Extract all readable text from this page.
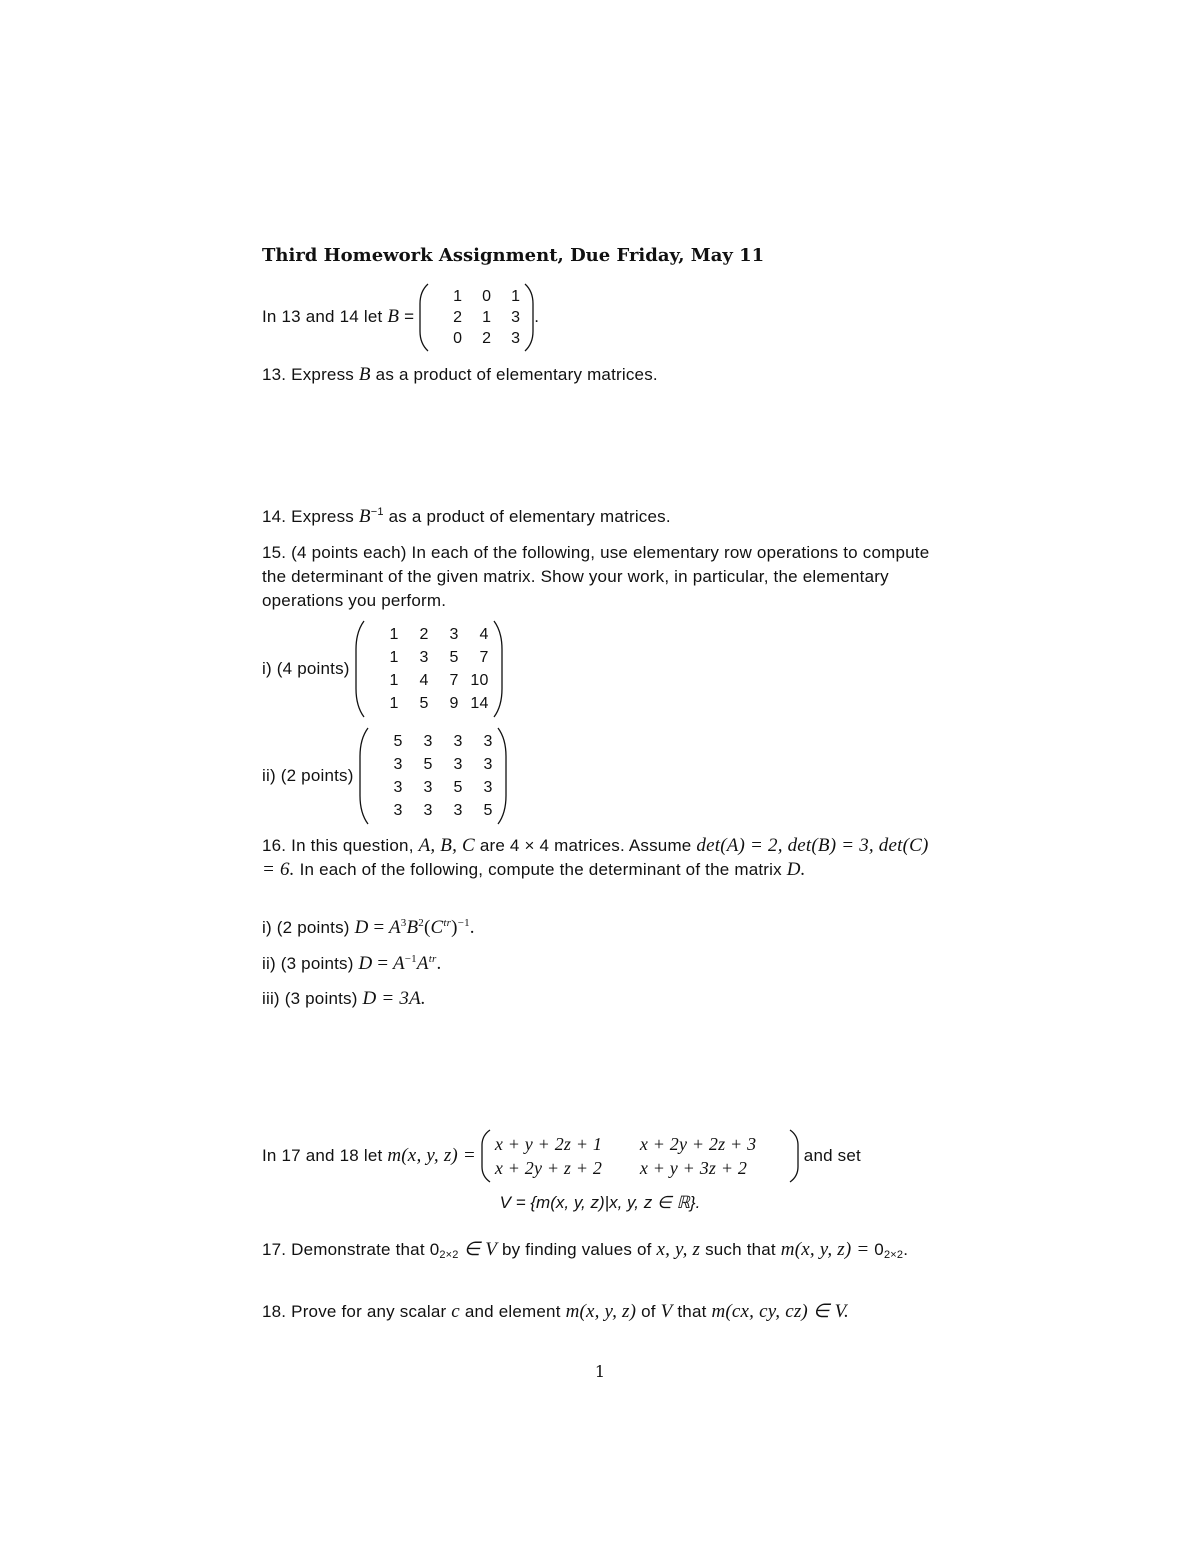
Third Homework Assignment, Due Friday, May 11
In 13 and 14 let
B
=

1	0	1
2	1	3
0	2	3
.
13. Express B as a product of elementary matrices.
14. Express $B^{-1}$ as a product of elementary matrices.
15. (4 points each) In each of the following, use elementary row operations to compute the determinant of the given matrix. Show your work, in particular, the elementary operations you perform.
i) (4 points)

1	2	3	4
1	3	5	7
1	4	7 10
1	5	9 14
ii) (2 points)

5	3	3	3
3	5	3	3
3	3	5	3
3	3	3	5
16. In this question, A, B, C are 4 × 4 matrices. Assume det(A) = 2, det(B) = 3, det(C) = 6. In each of the following, compute the determinant of the matrix D.
i) (2 points) $D = A^3B^2(C^{tr})^{-1}$.
ii) (3 points) $D = A^{-1}A^{tr}$.
iii) (3 points) D = 3A.
In 17 and 18 let
m(x, y, z) =

x + y + 2z + 1	x + 2y + 2z + 3
x + 2y + z + 2	x + y + 3z + 2

and set
V = {m(x, y, z)|x, y, z ∈ ℝ}.
17. Demonstrate that $0_{2\times 2}$ ∈ V by finding values of x, y, z such that m(x, y, $z) = 0_{2\times 2}$.
18. Prove for any scalar c and element m(x, y, z) of V that m(cx, cy, cz) ∈ V.
1
